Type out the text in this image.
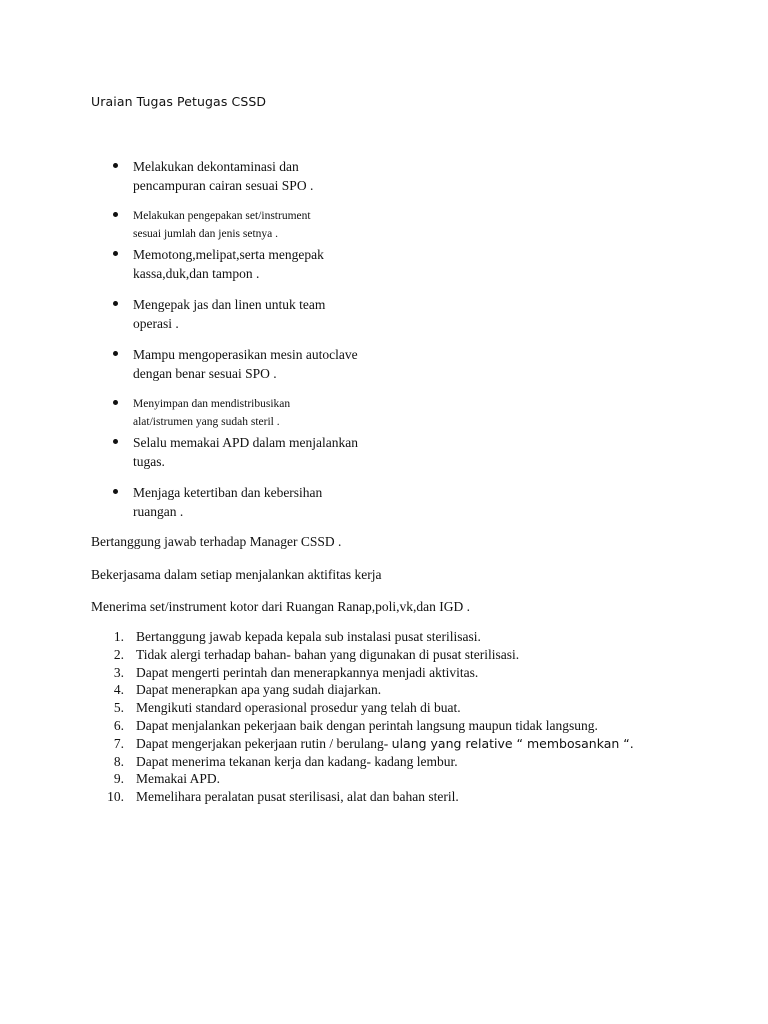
Uraian Tugas Petugas CSSD
Melakukan dekontaminasi dan
pencampuran cairan sesuai SPO .
Melakukan pengepakan set/instrument
sesuai jumlah dan jenis setnya .
Memotong,melipat,serta mengepak
kassa,duk,dan tampon .
Mengepak jas dan linen untuk team
operasi .
Mampu mengoperasikan mesin autoclave
dengan benar sesuai SPO .
Menyimpan dan mendistribusikan
alat/istrumen yang sudah steril .
Selalu memakai APD dalam menjalankan
tugas.
Menjaga ketertiban dan kebersihan
ruangan .
Bertanggung jawab terhadap Manager CSSD .
Bekerjasama dalam setiap menjalankan aktifitas kerja
Menerima set/instrument kotor dari Ruangan Ranap,poli,vk,dan IGD .
1. Bertanggung jawab kepada kepala sub instalasi pusat sterilisasi.
2. Tidak alergi terhadap bahan- bahan yang digunakan di pusat sterilisasi.
3. Dapat mengerti perintah dan menerapkannya menjadi aktivitas.
4. Dapat menerapkan apa yang sudah diajarkan.
5. Mengikuti standard operasional prosedur yang telah di buat.
6. Dapat menjalankan pekerjaan baik dengan perintah langsung maupun tidak langsung.
7. Dapat mengerjakan pekerjaan rutin / berulang- ulang yang relative “ membosankan “.
8. Dapat menerima tekanan kerja dan kadang- kadang lembur.
9. Memakai APD.
10. Memelihara peralatan pusat sterilisasi, alat dan bahan steril.
